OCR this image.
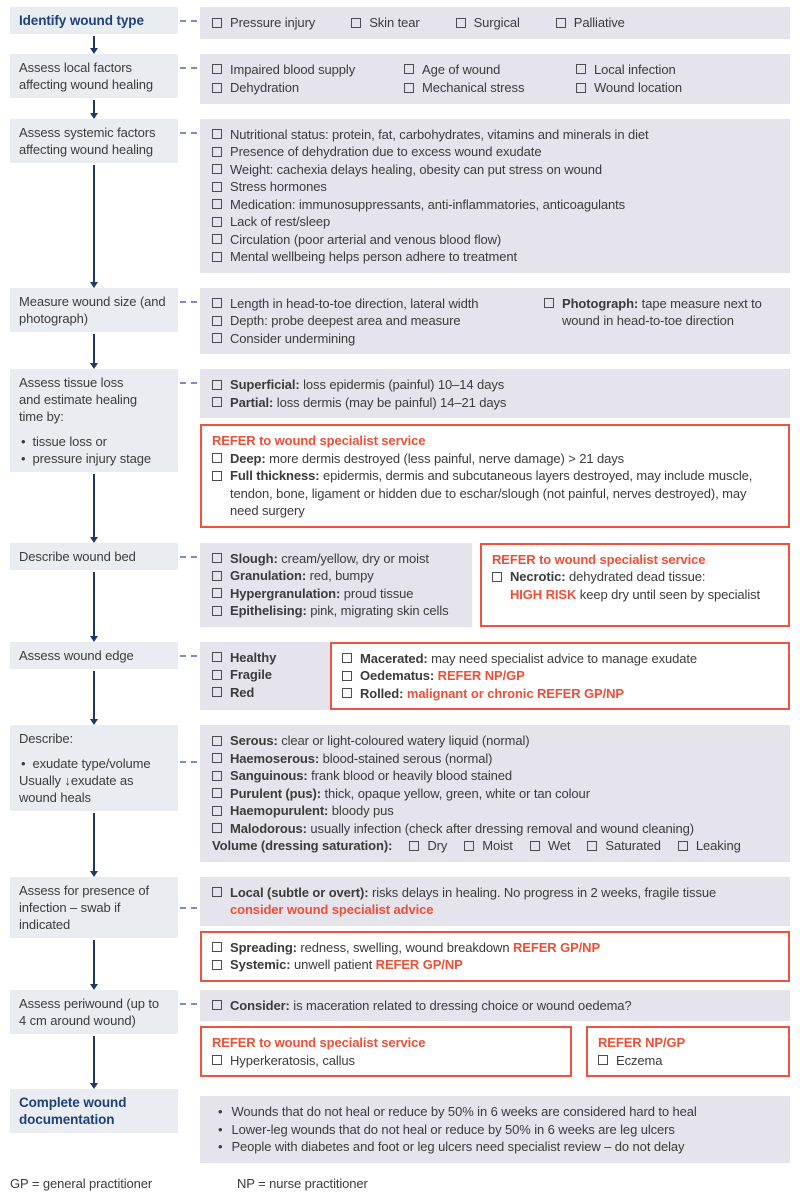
Identify wound type	Pressure injury	Skin tear	Surgical	Palliative
Assess local factors affecting wound healing
Impaired blood supply	Age of wound	Local infection
Dehydration	Mechanical stress	Wound location
Assess systemic factors affecting wound healing
Nutritional status: protein, fat, carbohydrates, vitamins and minerals in diet
Presence of dehydration due to excess wound exudate
Weight: cachexia delays healing, obesity can put stress on wound
Stress hormones
Medication: immunosuppressants, anti-inflammatories, anticoagulants
Lack of rest/sleep
Circulation (poor arterial and venous blood flow)
Mental wellbeing helps person adhere to treatment
Measure wound size (and photograph)
Length in head-to-toe direction, lateral width
Depth: probe deepest area and measure
Consider undermining
Photograph: tape measure next to wound in head-to-toe direction
Assess tissue loss
and estimate healing
time by:
• tissue loss or
• pressure injury stage
Superficial: loss epidermis (painful) 10–14 days
Partial: loss dermis (may be painful) 14–21 days
REFER to wound specialist service
Deep: more dermis destroyed (less painful, nerve damage) > 21 days
Full thickness: epidermis, dermis and subcutaneous layers destroyed, may include muscle, tendon, bone, ligament or hidden due to eschar/slough (not painful, nerves destroyed), may need surgery
Describe wound bed	Slough: cream/yellow, dry or moist
Granulation: red, bumpy
Hypergranulation: proud tissue
Epithelising: pink, migrating skin cells
REFER to wound specialist service
Necrotic: dehydrated dead tissue:
HIGH RISK keep dry until seen by specialist
Assess wound edge	Healthy
Fragile
Red
Macerated: may need specialist advice to manage exudate
Oedematus: REFER NP/GP
Rolled: malignant or chronic REFER GP/NP
Describe:
• exudate type/volume
Usually ↓exudate as
wound heals
Serous: clear or light-coloured watery liquid (normal)
Haemoserous: blood-stained serous (normal)
Sanguinous: frank blood or heavily blood stained
Purulent (pus): thick, opaque yellow, green, white or tan colour
Haemopurulent: bloody pus
Malodorous: usually infection (check after dressing removal and wound cleaning)
Volume (dressing saturation):	Dry	Moist	Wet	Saturated	Leaking
Assess for presence of infection – swab if indicated
Local (subtle or overt): risks delays in healing. No progress in 2 weeks, fragile tissue
consider wound specialist advice
Spreading: redness, swelling, wound breakdown REFER GP/NP
Systemic: unwell patient REFER GP/NP
Assess periwound (up to 4 cm around wound)
Consider: is maceration related to dressing choice or wound oedema?
REFER to wound specialist service
Hyperkeratosis, callus
REFER NP/GP
Eczema
Complete wound documentation
• Wounds that do not heal or reduce by 50% in 6 weeks are considered hard to heal
• Lower-leg wounds that do not heal or reduce by 50% in 6 weeks are leg ulcers
• People with diabetes and foot or leg ulcers need specialist review – do not delay
GP = general practitioner	NP = nurse practitioner
